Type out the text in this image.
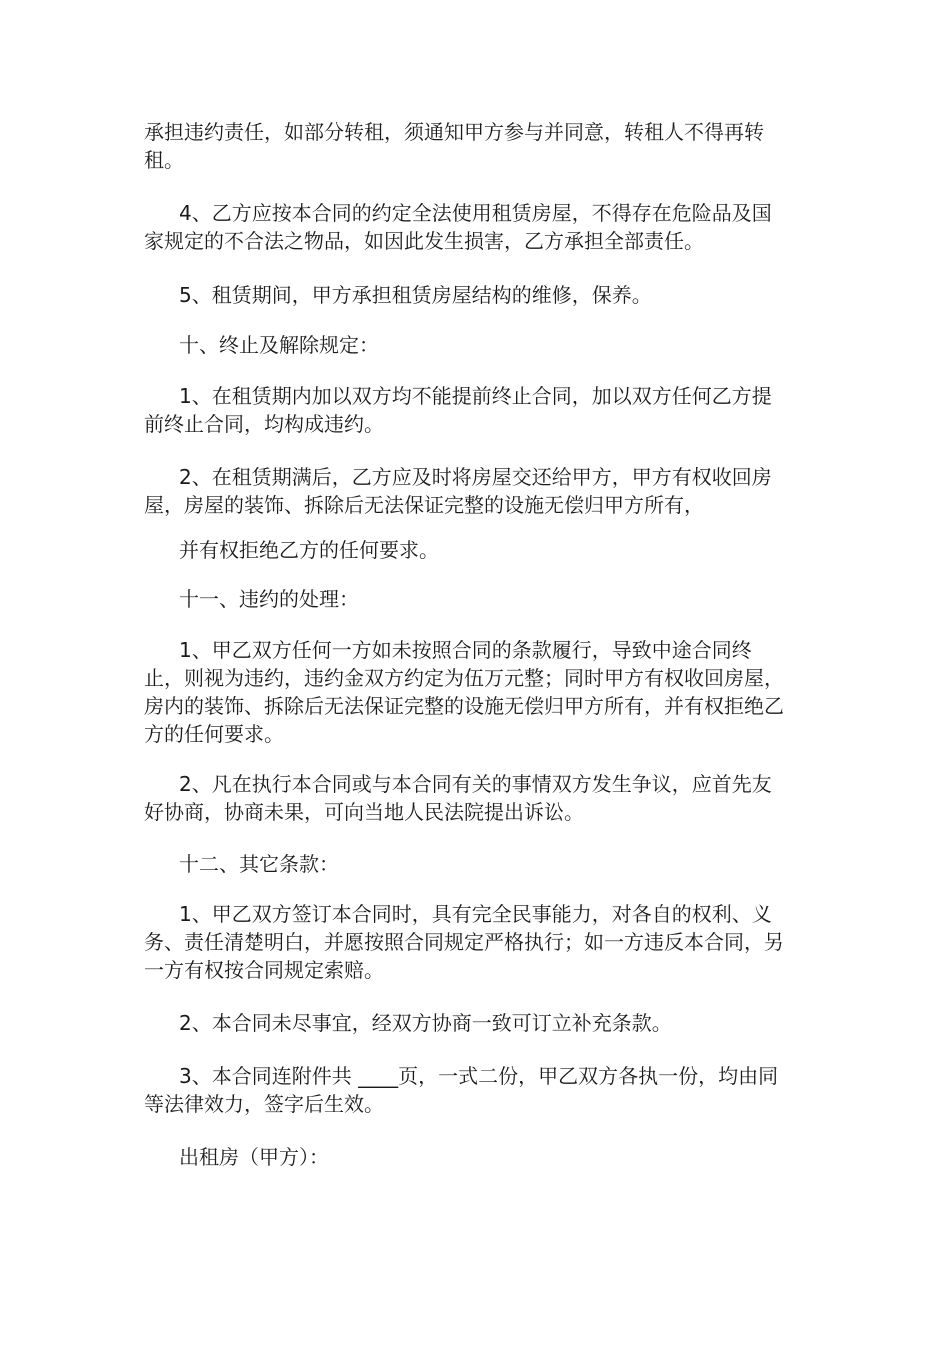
承担违约责任，如部分转租，须通知甲方参与并同意，转租人不得再转租。

4、乙方应按本合同的约定全法使用租赁房屋，不得存在危险品及国家规定的不合法之物品，如因此发生损害，乙方承担全部责任。

5、租赁期间，甲方承担租赁房屋结构的维修，保养。

十、终止及解除规定：

1、在租赁期内加以双方均不能提前终止合同，加以双方任何乙方提前终止合同，均构成违约。

2、在租赁期满后，乙方应及时将房屋交还给甲方，甲方有权收回房屋，房屋的装饰、拆除后无法保证完整的设施无偿归甲方所有，

并有权拒绝乙方的任何要求。

十一、违约的处理：

1、甲乙双方任何一方如未按照合同的条款履行，导致中途合同终止，则视为违约，违约金双方约定为伍万元整；同时甲方有权收回房屋，房内的装饰、拆除后无法保证完整的设施无偿归甲方所有，并有权拒绝乙方的任何要求。

2、凡在执行本合同或与本合同有关的事情双方发生争议，应首先友好协商，协商未果，可向当地人民法院提出诉讼。

十二、其它条款：

1、甲乙双方签订本合同时，具有完全民事能力，对各自的权利、义务、责任清楚明白，并愿按照合同规定严格执行；如一方违反本合同，另一方有权按合同规定索赔。

2、本合同未尽事宜，经双方协商一致可订立补充条款。

3、本合同连附件共 ____页，一式二份，甲乙双方各执一份，均由同等法律效力，签字后生效。

出租房（甲方）：
